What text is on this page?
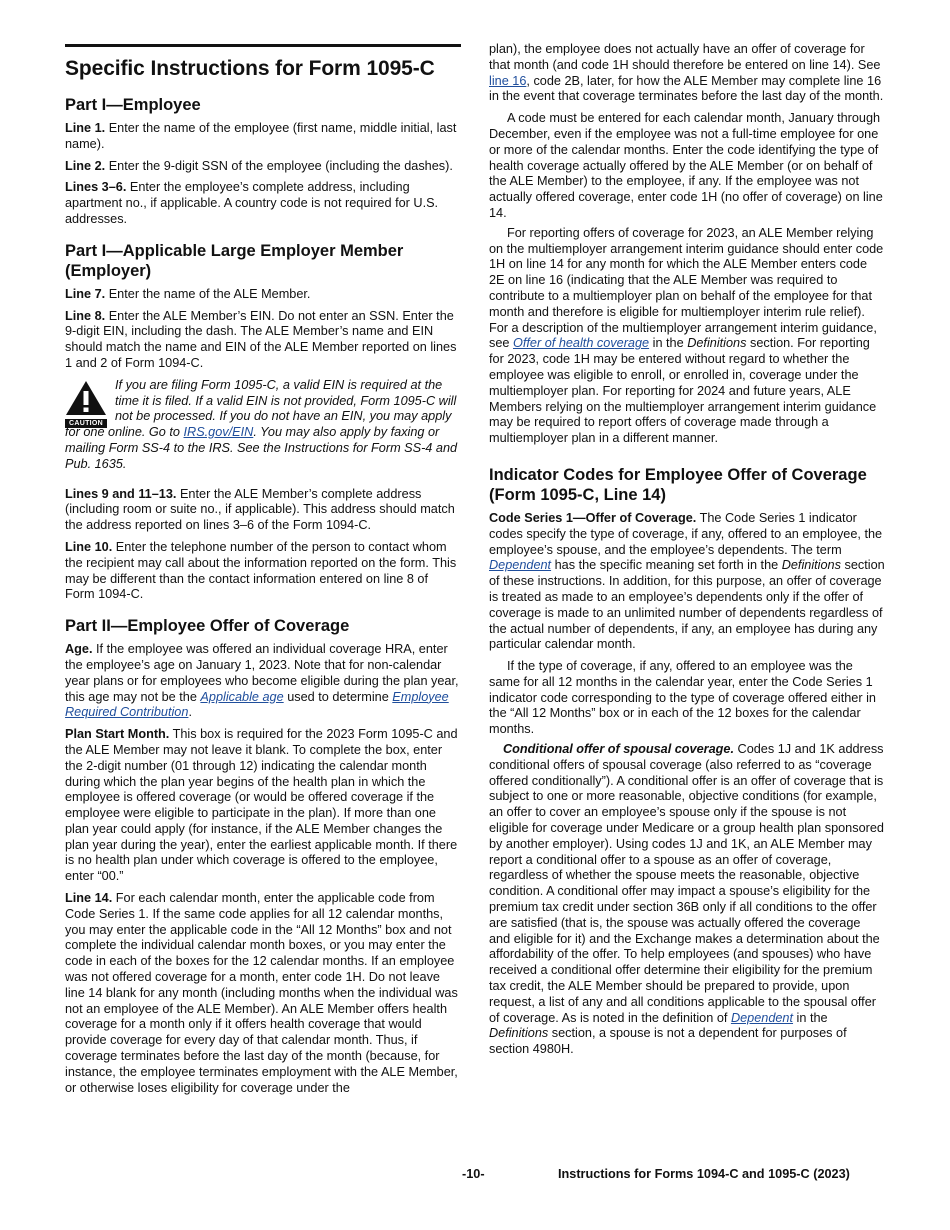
Specific Instructions for Form 1095-C
Part I—Employee

Line 1. Enter the name of the employee (first name, middle initial, last name).

Line 2. Enter the 9-digit SSN of the employee (including the dashes).

Lines 3–6. Enter the employee’s complete address, including apartment no., if applicable. A country code is not required for U.S. addresses.

Part I—Applicable Large Employer Member (Employer)

Line 7. Enter the name of the ALE Member.

Line 8. Enter the ALE Member’s EIN. Do not enter an SSN. Enter the 9-digit EIN, including the dash. The ALE Member’s name and EIN should match the name and EIN of the ALE Member reported on lines 1 and 2 of Form 1094-C.

CAUTION
If you are filing Form 1095-C, a valid EIN is required at the time it is filed. If a valid EIN is not provided, Form 1095-C will not be processed. If you do not have an EIN, you may apply for one online. Go to IRS.gov/EIN. You may also apply by faxing or mailing Form SS-4 to the IRS. See the Instructions for Form SS-4 and Pub. 1635.

Lines 9 and 11–13. Enter the ALE Member’s complete address (including room or suite no., if applicable). This address should match the address reported on lines 3–6 of the Form 1094-C.

Line 10. Enter the telephone number of the person to contact whom the recipient may call about the information reported on the form. This may be different than the contact information entered on line 8 of Form 1094-C.

Part II—Employee Offer of Coverage

Age. If the employee was offered an individual coverage HRA, enter the employee’s age on January 1, 2023. Note that for non-calendar year plans or for employees who become eligible during the plan year, this age may not be the Applicable age used to determine Employee Required Contribution.

Plan Start Month. This box is required for the 2023 Form 1095-C and the ALE Member may not leave it blank. To complete the box, enter the 2-digit number (01 through 12) indicating the calendar month during which the plan year begins of the health plan in which the employee is offered coverage (or would be offered coverage if the employee were eligible to participate in the plan). If more than one plan year could apply (for instance, if the ALE Member changes the plan year during the year), enter the earliest applicable month. If there is no health plan under which coverage is offered to the employee, enter “00.”

Line 14. For each calendar month, enter the applicable code from Code Series 1. If the same code applies for all 12 calendar months, you may enter the applicable code in the “All 12 Months” box and not complete the individual calendar month boxes, or you may enter the code in each of the boxes for the 12 calendar months. If an employee was not offered coverage for a month, enter code 1H. Do not leave line 14 blank for any month (including months when the individual was not an employee of the ALE Member). An ALE Member offers health coverage for a month only if it offers health coverage that would provide coverage for every day of that calendar month. Thus, if coverage terminates before the last day of the month (because, for instance, the employee terminates employment with the ALE Member, or otherwise loses eligibility for coverage under the

plan), the employee does not actually have an offer of coverage for that month (and code 1H should therefore be entered on line 14). See line 16, code 2B, later, for how the ALE Member may complete line 16 in the event that coverage terminates before the last day of the month.

A code must be entered for each calendar month, January through December, even if the employee was not a full-time employee for one or more of the calendar months. Enter the code identifying the type of health coverage actually offered by the ALE Member (or on behalf of the ALE Member) to the employee, if any. If the employee was not actually offered coverage, enter code 1H (no offer of coverage) on line 14.

For reporting offers of coverage for 2023, an ALE Member relying on the multiemployer arrangement interim guidance should enter code 1H on line 14 for any month for which the ALE Member enters code 2E on line 16 (indicating that the ALE Member was required to contribute to a multiemployer plan on behalf of the employee for that month and therefore is eligible for multiemployer interim rule relief). For a description of the multiemployer arrangement interim guidance, see Offer of health coverage in the Definitions section. For reporting for 2023, code 1H may be entered without regard to whether the employee was eligible to enroll, or enrolled in, coverage under the multiemployer plan. For reporting for 2024 and future years, ALE Members relying on the multiemployer arrangement interim guidance may be required to report offers of coverage made through a multiemployer plan in a different manner.

Indicator Codes for Employee Offer of Coverage (Form 1095-C, Line 14)

Code Series 1—Offer of Coverage. The Code Series 1 indicator codes specify the type of coverage, if any, offered to an employee, the employee’s spouse, and the employee’s dependents. The term Dependent has the specific meaning set forth in the Definitions section of these instructions. In addition, for this purpose, an offer of coverage is treated as made to an employee’s dependents only if the offer of coverage is made to an unlimited number of dependents regardless of the actual number of dependents, if any, an employee has during any particular calendar month.

If the type of coverage, if any, offered to an employee was the same for all 12 months in the calendar year, enter the Code Series 1 indicator code corresponding to the type of coverage offered either in the “All 12 Months” box or in each of the 12 boxes for the calendar months.

Conditional offer of spousal coverage. Codes 1J and 1K address conditional offers of spousal coverage (also referred to as “coverage offered conditionally”). A conditional offer is an offer of coverage that is subject to one or more reasonable, objective conditions (for example, an offer to cover an employee’s spouse only if the spouse is not eligible for coverage under Medicare or a group health plan sponsored by another employer). Using codes 1J and 1K, an ALE Member may report a conditional offer to a spouse as an offer of coverage, regardless of whether the spouse meets the reasonable, objective condition. A conditional offer may impact a spouse’s eligibility for the premium tax credit under section 36B only if all conditions to the offer are satisfied (that is, the spouse was actually offered the coverage and eligible for it) and the Exchange makes a determination about the affordability of the offer. To help employees (and spouses) who have received a conditional offer determine their eligibility for the premium tax credit, the ALE Member should be prepared to provide, upon request, a list of any and all conditions applicable to the spousal offer of coverage. As is noted in the definition of Dependent in the Definitions section, a spouse is not a dependent for purposes of section 4980H.

-10-	Instructions for Forms 1094-C and 1095-C (2023)
